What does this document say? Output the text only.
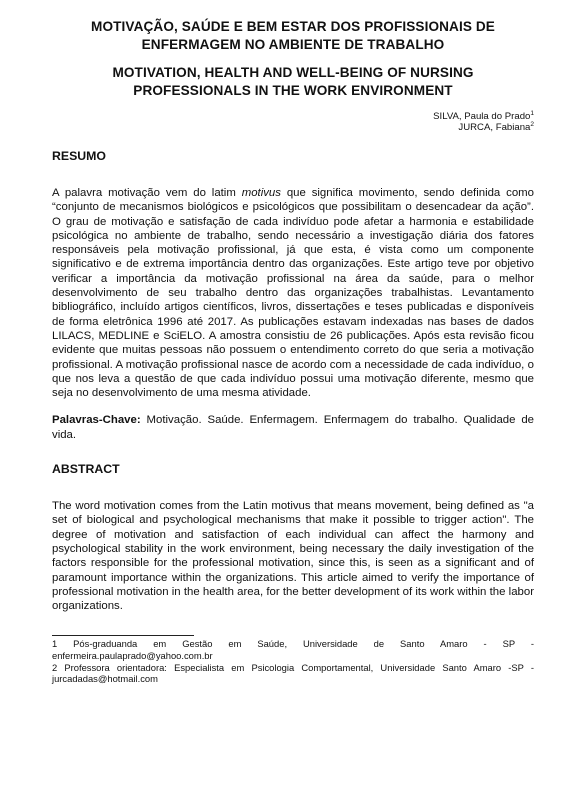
MOTIVAÇÃO, SAÚDE E BEM ESTAR DOS PROFISSIONAIS DE ENFERMAGEM NO AMBIENTE DE TRABALHO
MOTIVATION, HEALTH AND WELL-BEING OF NURSING PROFESSIONALS IN THE WORK ENVIRONMENT
SILVA, Paula do Prado$^1$
JURCA, Fabiana$^2$
RESUMO

A palavra motivação vem do latim motivus que significa movimento, sendo definida como “conjunto de mecanismos biológicos e psicológicos que possibilitam o desencadear da ação”. O grau de motivação e satisfação de cada indivíduo pode afetar a harmonia e estabilidade psicológica no ambiente de trabalho, sendo necessário a investigação diária dos fatores responsáveis pela motivação profissional, já que esta, é vista como um componente significativo e de extrema importância dentro das organizações. Este artigo teve por objetivo verificar a importância da motivação profissional na área da saúde, para o melhor desenvolvimento de seu trabalho dentro das organizações trabalhistas. Levantamento bibliográfico, incluído artigos científicos, livros, dissertações e teses publicadas e disponíveis de forma eletrônica 1996 até 2017. As publicações estavam indexadas nas bases de dados LILACS, MEDLINE e SciELO. A amostra consistiu de 26 publicações. Após esta revisão ficou evidente que muitas pessoas não possuem o entendimento correto do que seria a motivação profissional. A motivação profissional nasce de acordo com a necessidade de cada indivíduo, o que nos leva a questão de que cada indivíduo possui uma motivação diferente, mesmo que seja no desenvolvimento de uma mesma atividade.

Palavras-Chave: Motivação. Saúde. Enfermagem. Enfermagem do trabalho. Qualidade de vida.

ABSTRACT

The word motivation comes from the Latin motivus that means movement, being defined as "a set of biological and psychological mechanisms that make it possible to trigger action". The degree of motivation and satisfaction of each individual can affect the harmony and psychological stability in the work environment, being necessary the daily investigation of the factors responsible for the professional motivation, since this, is seen as a significant and of paramount importance within the organizations. This article aimed to verify the importance of professional motivation in the health area, for the better development of its work within the labor organizations.

1 Pós-graduanda em Gestão em Saúde, Universidade de Santo Amaro - SP - enfermeira.paulaprado@yahoo.com.br

2 Professora orientadora: Especialista em Psicologia Comportamental, Universidade Santo Amaro -SP - jurcadadas@hotmail.com
